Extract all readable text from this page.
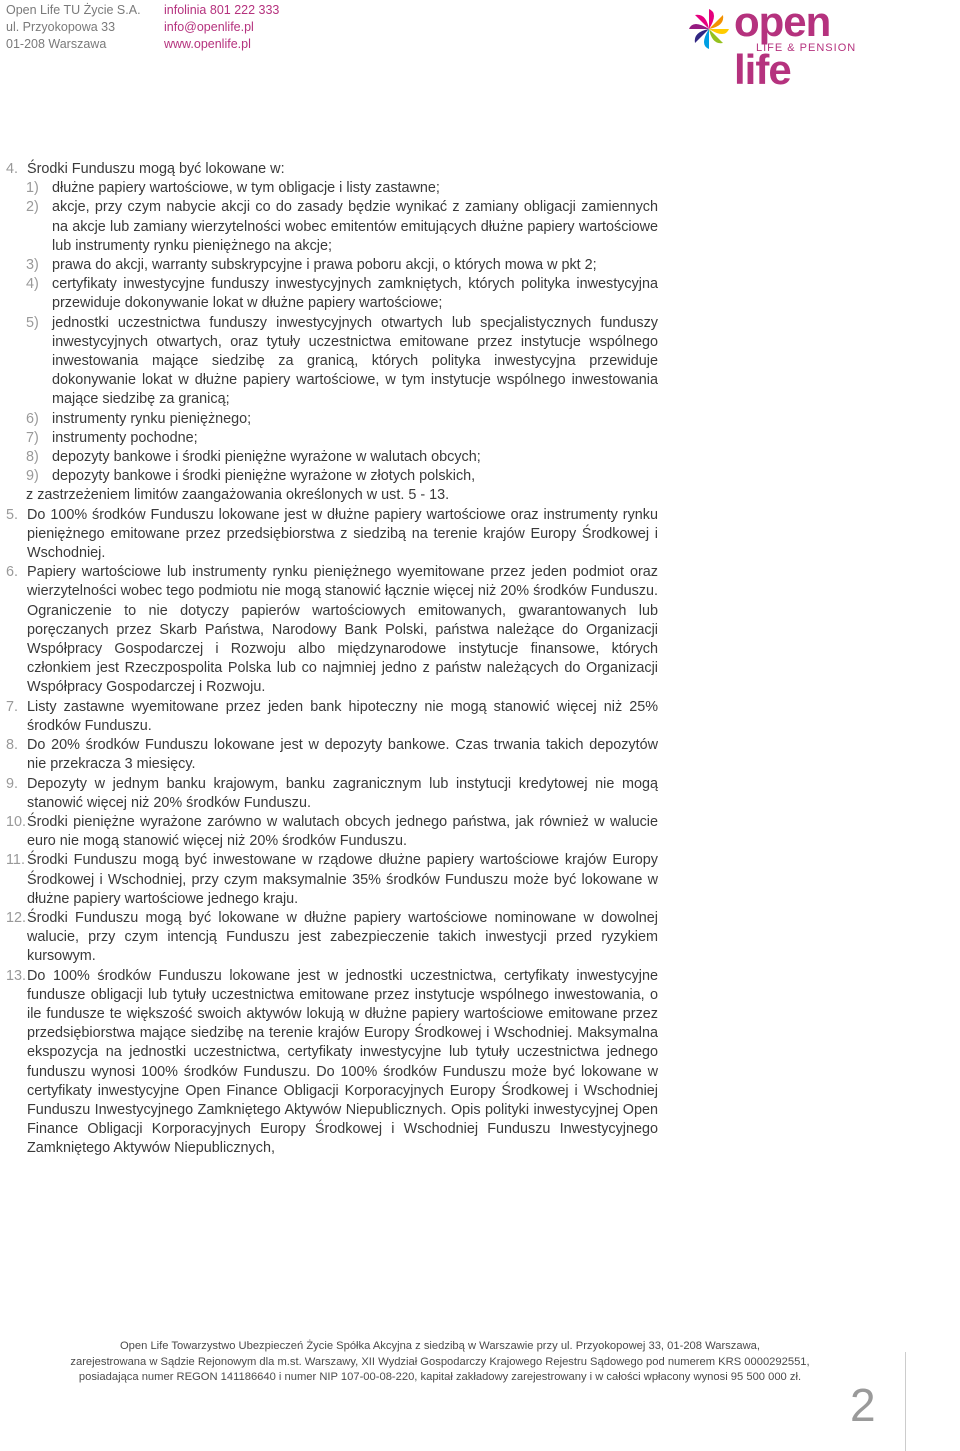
Open Life TU Życie S.A.
ul. Przyokopowa 33
01-208 Warszawa
infolinia 801 222 333
info@openlife.pl
www.openlife.pl	open life
LIFE & PENSION
4. Środki Funduszu mogą być lokowane w:
1) dłużne papiery wartościowe, w tym obligacje i listy zastawne;
2) akcje, przy czym nabycie akcji co do zasady będzie wynikać z zamiany obligacji zamiennych na akcje lub zamiany wierzytelności wobec emitentów emitujących dłużne papiery wartościowe lub instrumenty rynku pieniężnego na akcje;
3) prawa do akcji, warranty subskrypcyjne i prawa poboru akcji, o których mowa w pkt 2;
4) certyfikaty inwestycyjne funduszy inwestycyjnych zamkniętych, których polityka inwestycyjna przewiduje dokonywanie lokat w dłużne papiery wartościowe;
5) jednostki uczestnictwa funduszy inwestycyjnych otwartych lub specjalistycznych funduszy inwestycyjnych otwartych, oraz tytuły uczestnictwa emitowane przez instytucje wspólnego inwestowania mające siedzibę za granicą, których polityka inwestycyjna przewiduje dokonywanie lokat w dłużne papiery wartościowe, w tym instytucje wspólnego inwestowania mające siedzibę za granicą;
6) instrumenty rynku pieniężnego;
7) instrumenty pochodne;
8) depozyty bankowe i środki pieniężne wyrażone w walutach obcych;
9) depozyty bankowe i środki pieniężne wyrażone w złotych polskich,
z zastrzeżeniem limitów zaangażowania określonych w ust. 5 - 13.
5. Do 100% środków Funduszu lokowane jest w dłużne papiery wartościowe oraz instrumenty rynku pieniężnego emitowane przez przedsiębiorstwa z siedzibą na terenie krajów Europy Środkowej i Wschodniej.
6. Papiery wartościowe lub instrumenty rynku pieniężnego wyemitowane przez jeden podmiot oraz wierzytelności wobec tego podmiotu nie mogą stanowić łącznie więcej niż 20% środków Funduszu. Ograniczenie to nie dotyczy papierów wartościowych emitowanych, gwarantowanych lub poręczanych przez Skarb Państwa, Narodowy Bank Polski, państwa należące do Organizacji Współpracy Gospodarczej i Rozwoju albo międzynarodowe instytucje finansowe, których członkiem jest Rzeczpospolita Polska lub co najmniej jedno z państw należących do Organizacji Współpracy Gospodarczej i Rozwoju.
7. Listy zastawne wyemitowane przez jeden bank hipoteczny nie mogą stanowić więcej niż 25% środków Funduszu.
8. Do 20% środków Funduszu lokowane jest w depozyty bankowe. Czas trwania takich depozytów nie przekracza 3 miesięcy.
9. Depozyty w jednym banku krajowym, banku zagranicznym lub instytucji kredytowej nie mogą stanowić więcej niż 20% środków Funduszu.
10. Środki pieniężne wyrażone zarówno w walutach obcych jednego państwa, jak również w walucie euro nie mogą stanowić więcej niż 20% środków Funduszu.
11. Środki Funduszu mogą być inwestowane w rządowe dłużne papiery wartościowe krajów Europy Środkowej i Wschodniej, przy czym maksymalnie 35% środków Funduszu może być lokowane w dłużne papiery wartościowe jednego kraju.
12. Środki Funduszu mogą być lokowane w dłużne papiery wartościowe nominowane w dowolnej walucie, przy czym intencją Funduszu jest zabezpieczenie takich inwestycji przed ryzykiem kursowym.
13. Do 100% środków Funduszu lokowane jest w jednostki uczestnictwa, certyfikaty inwestycyjne fundusze obligacji lub tytuły uczestnictwa emitowane przez instytucje wspólnego inwestowania, o ile fundusze te większość swoich aktywów lokują w dłużne papiery wartościowe emitowane przez przedsiębiorstwa mające siedzibę na terenie krajów Europy Środkowej i Wschodniej. Maksymalna ekspozycja na jednostki uczestnictwa, certyfikaty inwestycyjne lub tytuły uczestnictwa jednego funduszu wynosi 100% środków Funduszu. Do 100% środków Funduszu może być lokowane w certyfikaty inwestycyjne Open Finance Obligacji Korporacyjnych Europy Środkowej i Wschodniej Funduszu Inwestycyjnego Zamkniętego Aktywów Niepublicznych. Opis polityki inwestycyjnej Open Finance Obligacji Korporacyjnych Europy Środkowej i Wschodniej Funduszu Inwestycyjnego Zamkniętego Aktywów Niepublicznych,
Open Life Towarzystwo Ubezpieczeń Życie Spółka Akcyjna z siedzibą w Warszawie przy ul. Przyokopowej 33, 01-208 Warszawa,
zarejestrowana w Sądzie Rejonowym dla m.st. Warszawy, XII Wydział Gospodarczy Krajowego Rejestru Sądowego pod numerem KRS 0000292551,
posiadająca numer REGON 141186640 i numer NIP 107-00-08-220, kapitał zakładowy zarejestrowany i w całości wpłacony wynosi 95 500 000 zł.
2
